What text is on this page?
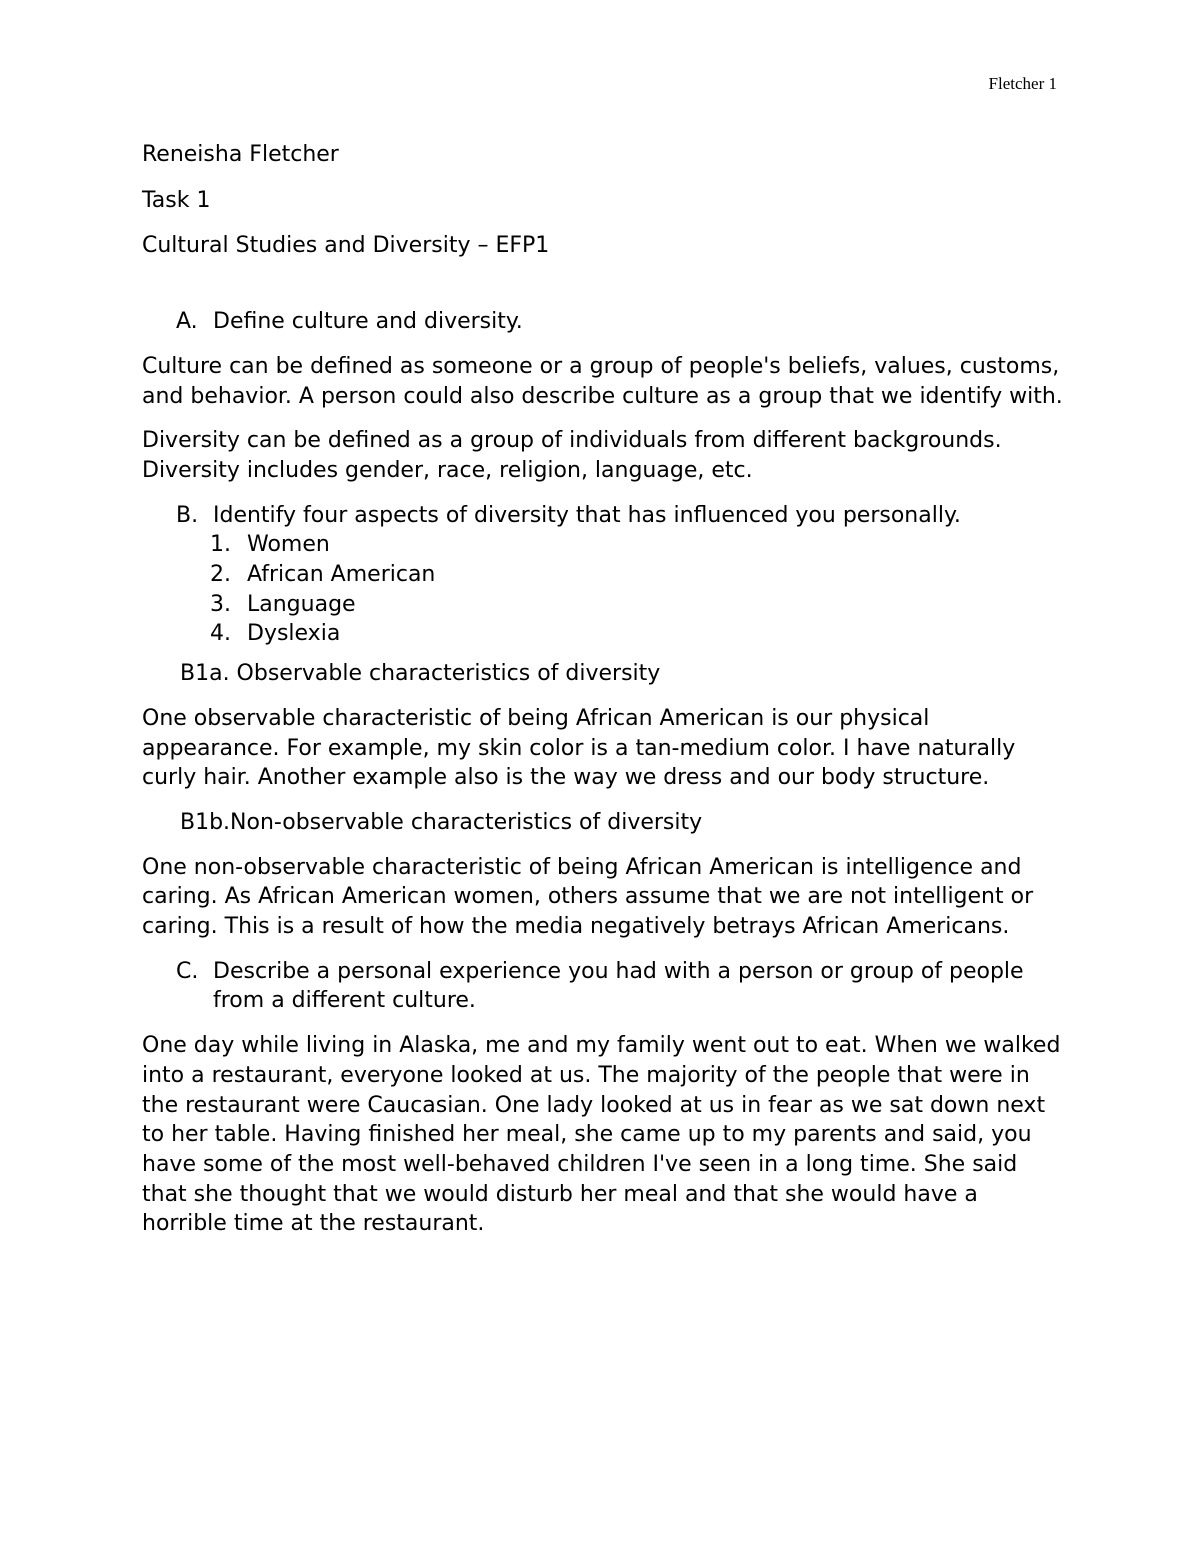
Fletcher 1
Reneisha Fletcher
Task 1
Cultural Studies and Diversity – EFP1
A. Define culture and diversity.

Culture can be defined as someone or a group of people's beliefs, values, customs, and behavior. A person could also describe culture as a group that we identify with.

Diversity can be defined as a group of individuals from different backgrounds. Diversity includes gender, race, religion, language, etc.

B. Identify four aspects of diversity that has influenced you personally.
1. Women
2. African American
3. Language
4. Dyslexia
B1a. Observable characteristics of diversity

One observable characteristic of being African American is our physical appearance. For example, my skin color is a tan-medium color. I have naturally curly hair. Another example also is the way we dress and our body structure.

B1b.Non-observable characteristics of diversity

One non-observable characteristic of being African American is intelligence and caring. As African American women, others assume that we are not intelligent or caring. This is a result of how the media negatively betrays African Americans.

C. Describe a personal experience you had with a person or group of people from a different culture.

One day while living in Alaska, me and my family went out to eat. When we walked into a restaurant, everyone looked at us. The majority of the people that were in the restaurant were Caucasian. One lady looked at us in fear as we sat down next to her table. Having finished her meal, she came up to my parents and said, you have some of the most well-behaved children I've seen in a long time. She said that she thought that we would disturb her meal and that she would have a horrible time at the restaurant.
